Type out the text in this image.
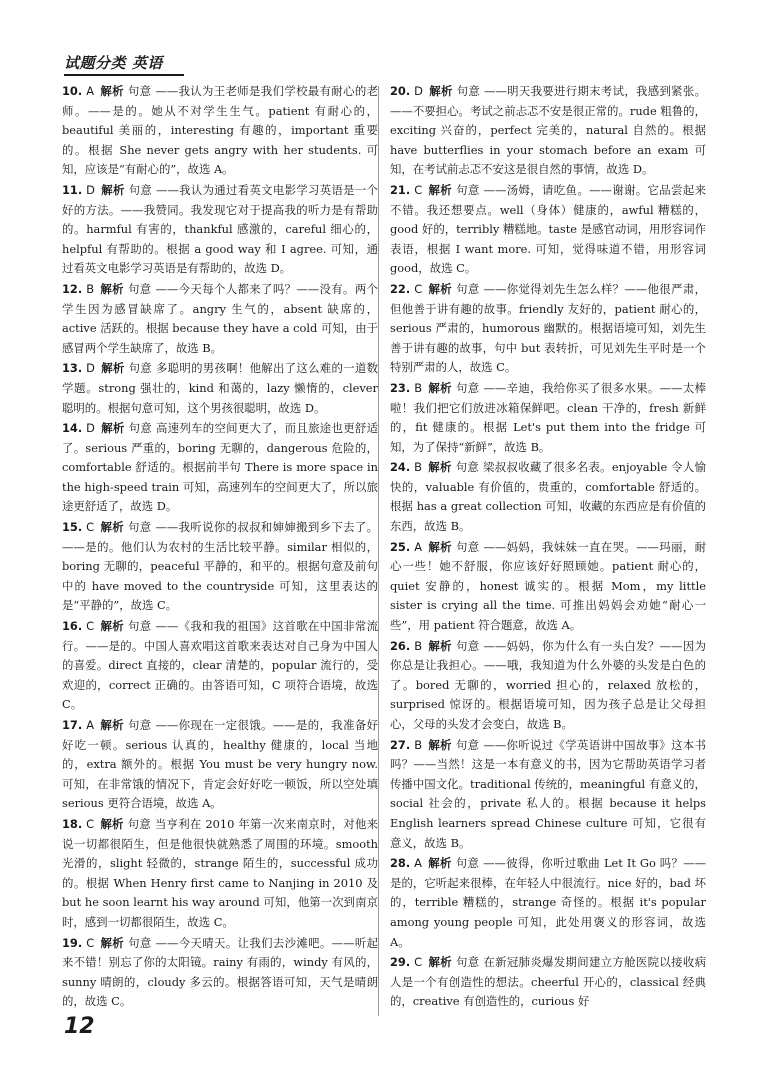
试题分类 英语

10. A 解析 句意 ——我认为王老师是我们学校最有耐心的老师。——是的。她从不对学生生气。patient 有耐心的，beautiful 美丽的，interesting 有趣的，important 重要的。根据 She never gets angry with her students. 可知，应该是“有耐心的”，故选 A。

11. D 解析 句意 ——我认为通过看英文电影学习英语是一个好的方法。——我赞同。我发现它对于提高我的听力是有帮助的。harmful 有害的，thankful 感激的，careful 细心的，helpful 有帮助的。根据 a good way 和 I agree. 可知，通过看英文电影学习英语是有帮助的，故选 D。

12. B 解析 句意 ——今天每个人都来了吗？——没有。两个学生因为感冒缺席了。angry 生气的，absent 缺席的，active 活跃的。根据 because they have a cold 可知，由于感冒两个学生缺席了，故选 B。

13. D 解析 句意 多聪明的男孩啊！他解出了这么难的一道数学题。strong 强壮的，kind 和蔼的，lazy 懒惰的，clever 聪明的。根据句意可知，这个男孩很聪明，故选 D。

14. D 解析 句意 高速列车的空间更大了，而且旅途也更舒适了。serious 严重的，boring 无聊的，dangerous 危险的，comfortable 舒适的。根据前半句 There is more space in the high-speed train 可知，高速列车的空间更大了，所以旅途更舒适了，故选 D。

15. C 解析 句意 ——我听说你的叔叔和婶婶搬到乡下去了。——是的。他们认为农村的生活比较平静。similar 相似的，boring 无聊的，peaceful 平静的，和平的。根据句意及前句中的 have moved to the countryside 可知，这里表达的是“平静的”，故选 C。

16. C 解析 句意 ——《我和我的祖国》这首歌在中国非常流行。——是的。中国人喜欢唱这首歌来表达对自己身为中国人的喜爱。direct 直接的，clear 清楚的，popular 流行的，受欢迎的，correct 正确的。由答语可知，C 项符合语境，故选 C。

17. A 解析 句意 ——你现在一定很饿。——是的，我准备好好吃一顿。serious 认真的，healthy 健康的，local 当地的，extra 额外的。根据 You must be very hungry now. 可知，在非常饿的情况下，肯定会好好吃一顿饭，所以空处填 serious 更符合语境，故选 A。

18. C 解析 句意 当亨利在 2010 年第一次来南京时，对他来说一切都很陌生，但是他很快就熟悉了周围的环境。smooth 光滑的，slight 轻微的，strange 陌生的，successful 成功的。根据 When Henry first came to Nanjing in 2010 及 but he soon learnt his way around 可知，他第一次到南京时，感到一切都很陌生，故选 C。

19. C 解析 句意 ——今天晴天。让我们去沙滩吧。——听起来不错！别忘了你的太阳镜。rainy 有雨的，windy 有风的，sunny 晴朗的，cloudy 多云的。根据答语可知，天气是晴朗的，故选 C。

20. D 解析 句意 ——明天我要进行期末考试，我感到紧张。——不要担心。考试之前忐忑不安是很正常的。rude 粗鲁的，exciting 兴奋的，perfect 完美的，natural 自然的。根据 have butterflies in your stomach before an exam 可知，在考试前忐忑不安这是很自然的事情，故选 D。

21. C 解析 句意 ——汤姆，请吃鱼。——谢谢。它品尝起来不错。我还想要点。well（身体）健康的，awful 糟糕的，good 好的，terribly 糟糕地。taste 是感官动词，用形容词作表语，根据 I want more. 可知，觉得味道不错，用形容词 good，故选 C。

22. C 解析 句意 ——你觉得刘先生怎么样？——他很严肃，但他善于讲有趣的故事。friendly 友好的，patient 耐心的，serious 严肃的，humorous 幽默的。根据语境可知，刘先生善于讲有趣的故事，句中 but 表转折，可见刘先生平时是一个特别严肃的人，故选 C。

23. B 解析 句意 ——辛迪，我给你买了很多水果。——太棒啦！我们把它们放进冰箱保鲜吧。clean 干净的，fresh 新鲜的，fit 健康的。根据 Let's put them into the fridge 可知，为了保持“新鲜”，故选 B。

24. B 解析 句意 梁叔叔收藏了很多名表。enjoyable 令人愉快的，valuable 有价值的，贵重的，comfortable 舒适的。根据 has a great collection 可知，收藏的东西应是有价值的东西，故选 B。

25. A 解析 句意 ——妈妈，我妹妹一直在哭。——玛丽，耐心一些！她不舒服，你应该好好照顾她。patient 耐心的，quiet 安静的，honest 诚实的。根据 Mom，my little sister is crying all the time. 可推出妈妈会劝她“耐心一些”，用 patient 符合题意，故选 A。

26. B 解析 句意 ——妈妈，你为什么有一头白发？——因为你总是让我担心。——哦，我知道为什么外婆的头发是白色的了。bored 无聊的，worried 担心的，relaxed 放松的，surprised 惊讶的。根据语境可知，因为孩子总是让父母担心，父母的头发才会变白，故选 B。

27. B 解析 句意 ——你听说过《学英语讲中国故事》这本书吗？——当然！这是一本有意义的书，因为它帮助英语学习者传播中国文化。traditional 传统的，meaningful 有意义的，social 社会的，private 私人的。根据 because it helps English learners spread Chinese culture 可知，它很有意义，故选 B。

28. A 解析 句意 ——彼得，你听过歌曲 Let It Go 吗？——是的，它听起来很棒，在年轻人中很流行。nice 好的，bad 坏的，terrible 糟糕的，strange 奇怪的。根据 it's popular among young people 可知，此处用褒义的形容词，故选 A。

29. C 解析 句意 在新冠肺炎爆发期间建立方舱医院以接收病人是一个有创造性的想法。cheerful 开心的，classical 经典的，creative 有创造性的，curious 好

12
